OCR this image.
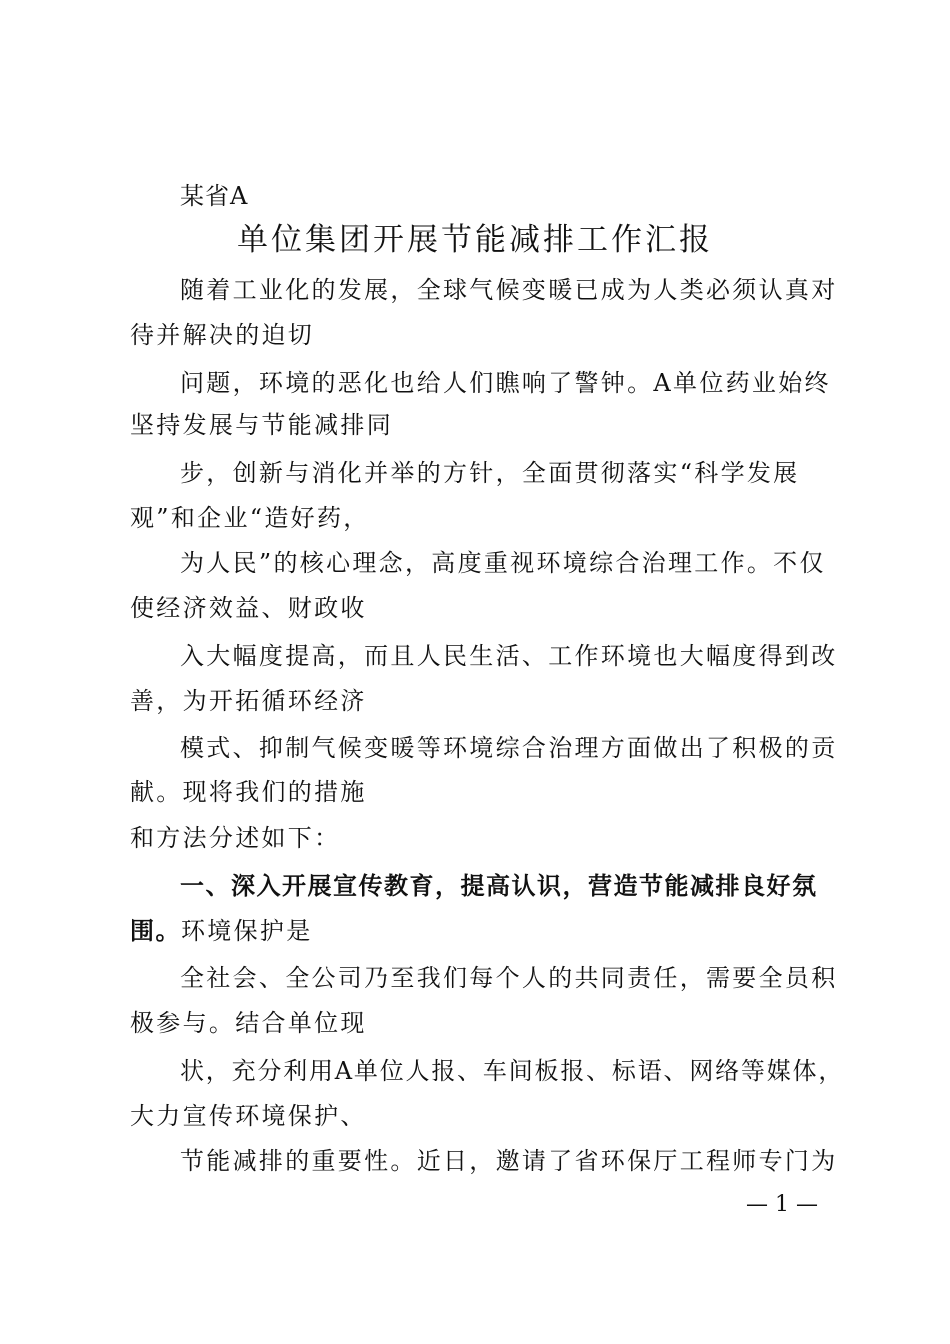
某省A
单位集团开展节能减排工作汇报
随着工业化的发展，全球气候变暖已成为人类必须认真对
待并解决的迫切
问题，环境的恶化也给人们瞧响了警钟。A单位药业始终
坚持发展与节能减排同
步，创新与消化并举的方针，全面贯彻落实“科学发展
观”和企业“造好药，
为人民”的核心理念，高度重视环境综合治理工作。不仅
使经济效益、财政收
入大幅度提高，而且人民生活、工作环境也大幅度得到改
善，为开拓循环经济
模式、抑制气候变暖等环境综合治理方面做出了积极的贡
献。现将我们的措施
和方法分述如下：
一、深入开展宣传教育，提高认识，营造节能减排良好氛
围。环境保护是
全社会、全公司乃至我们每个人的共同责任，需要全员积
极参与。结合单位现
状，充分利用A单位人报、车间板报、标语、网络等媒体，
大力宣传环境保护、
节能减排的重要性。近日，邀请了省环保厅工程师专门为
— 1 —
